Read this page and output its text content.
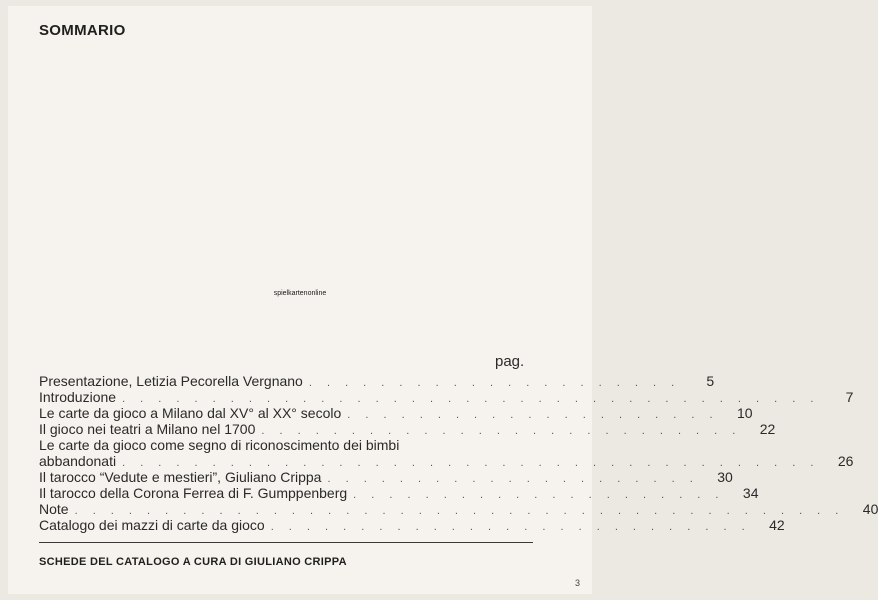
SOMMARIO
spielkartenonline
pag.
Presentazione, Letizia Pecorella Vergnano . . . . . . . . . . . . . . . . . . . . .	5
Introduzione . . . . . . . . . . . . . . . . . . . . . . . . . . . . . . . . . . . . . . .	7
Le carte da gioco a Milano dal XV° al XX° secolo . . . . . . . . . . . . . . . . . . . . .	10
Il gioco nei teatri a Milano nel 1700 . . . . . . . . . . . . . . . . . . . . . . . . . . .	22
Le carte da gioco come segno di riconoscimento dei bimbi
abbandonati . . . . . . . . . . . . . . . . . . . . . . . . . . . . . . . . . . . . . . .	26
Il tarocco “Vedute e mestieri”, Giuliano Crippa . . . . . . . . . . . . . . . . . . . . .	30
Il tarocco della Corona Ferrea di F. Gumppenberg . . . . . . . . . . . . . . . . . . . . .	34
Note . . . . . . . . . . . . . . . . . . . . . . . . . . . . . . . . . . . . . . . . . . .	40
Catalogo dei mazzi di carte da gioco . . . . . . . . . . . . . . . . . . . . . . . . . . .	42
SCHEDE DEL CATALOGO A CURA DI GIULIANO CRIPPA
3
